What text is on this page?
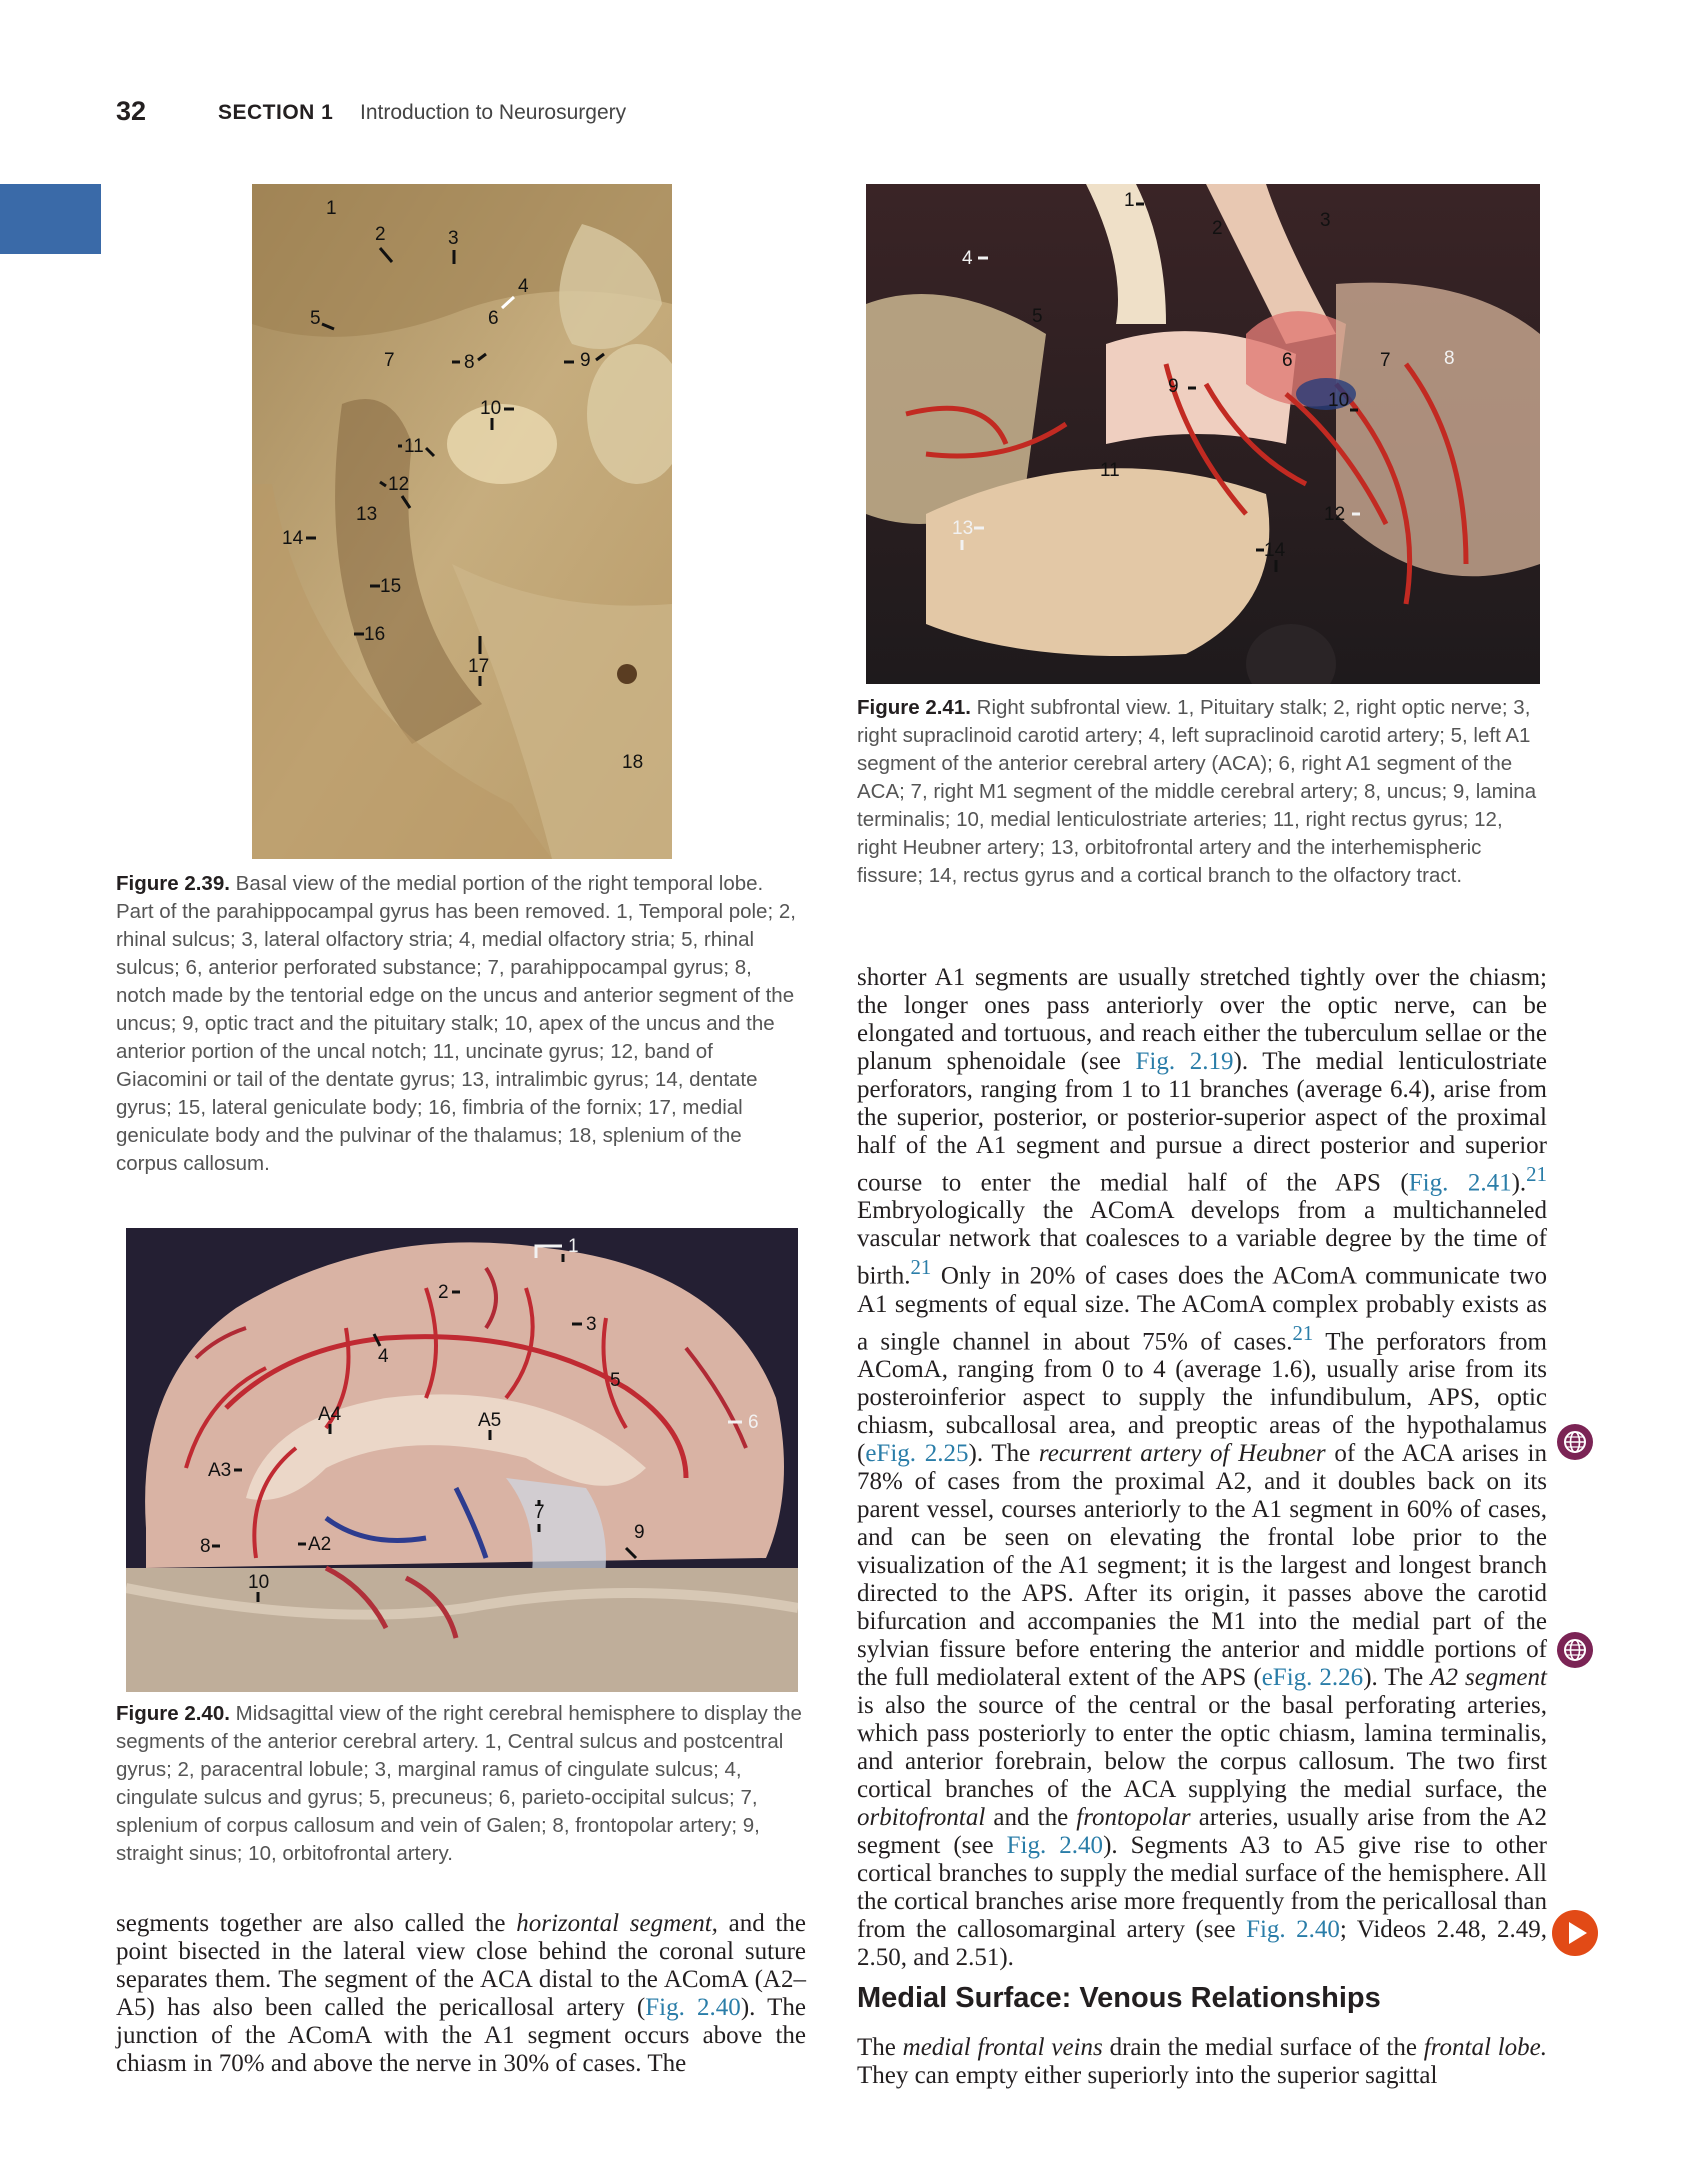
32	SECTION 1 Introduction to Neurosurgery
1
2	3
4
5	6
7	8	9
10
11
12
13
14
15
16
17
18
Figure 2.39. Basal view of the medial portion of the right temporal lobe. Part of the parahippocampal gyrus has been removed. 1, Temporal pole; 2, rhinal sulcus; 3, lateral olfactory stria; 4, medial olfactory stria; 5, rhinal sulcus; 6, anterior perforated substance; 7, parahippocampal gyrus; 8, notch made by the tentorial edge on the uncus and anterior segment of the uncus; 9, optic tract and the pituitary stalk; 10, apex of the uncus and the anterior portion of the uncal notch; 11, uncinate gyrus; 12, band of Giacomini or tail of the dentate gyrus; 13, intralimbic gyrus; 14, dentate gyrus; 15, lateral geniculate body; 16, fimbria of the fornix; 17, medial geniculate body and the pulvinar of the thalamus; 18, splenium of the corpus callosum.
1
2	3
4
5
6	7	8
9
10
11
12
13
14
Figure 2.41. Right subfrontal view. 1, Pituitary stalk; 2, right optic nerve; 3, right supraclinoid carotid artery; 4, left supraclinoid carotid artery; 5, left A1 segment of the anterior cerebral artery (ACA); 6, right A1 segment of the ACA; 7, right M1 segment of the middle cerebral artery; 8, uncus; 9, lamina terminalis; 10, medial lenticulostriate arteries; 11, right rectus gyrus; 12, right Heubner artery; 13, orbitofrontal artery and the interhemispheric fissure; 14, rectus gyrus and a cortical branch to the olfactory tract.
1
2
3
4
5
6
7
8
9
10
A2
A3
A4	A5
Figure 2.40. Midsagittal view of the right cerebral hemisphere to display the segments of the anterior cerebral artery. 1, Central sulcus and postcentral gyrus; 2, paracentral lobule; 3, marginal ramus of cingulate sulcus; 4, cingulate sulcus and gyrus; 5, precuneus; 6, parieto-occipital sulcus; 7, splenium of corpus callosum and vein of Galen; 8, frontopolar artery; 9, straight sinus; 10, orbitofrontal artery.

segments together are also called the horizontal segment, and the point bisected in the lateral view close behind the coronal suture separates them. The segment of the ACA distal to the AComA (A2–A5) has also been called the pericallosal artery (Fig. 2.40). The junction of the AComA with the A1 segment occurs above the chiasm in 70% and above the nerve in 30% of cases. The

shorter A1 segments are usually stretched tightly over the chiasm; the longer ones pass anteriorly over the optic nerve, can be elongated and tortuous, and reach either the tuberculum sellae or the planum sphenoidale (see Fig. 2.19). The medial lenticulostriate perforators, ranging from 1 to 11 branches (average 6.4), arise from the superior, posterior, or posterior-superior aspect of the proximal half of the A1 segment and pursue a direct posterior and superior course to enter the medial half of the APS (Fig. 2.41).$^{21}$ Embryologically the AComA develops from a multichanneled vascular network that coalesces to a variable degree by the time of birth.$^{21}$ Only in 20% of cases does the AComA communicate two A1 segments of equal size. The AComA complex probably exists as a single channel in about 75% of cases.$^{21}$ The perforators from AComA, ranging from 0 to 4 (average 1.6), usually arise from its posteroinferior aspect to supply the infundibulum, APS, optic chiasm, subcallosal area, and preoptic areas of the hypothalamus (eFig. 2.25). The recurrent artery of Heubner of the ACA arises in 78% of cases from the proximal A2, and it doubles back on its parent vessel, courses anteriorly to the A1 segment in 60% of cases, and can be seen on elevating the frontal lobe prior to the visualization of the A1 segment; it is the largest and longest branch directed to the APS. After its origin, it passes above the carotid bifurcation and accompanies the M1 into the medial part of the sylvian fissure before entering the anterior and middle portions of the full mediolateral extent of the APS (eFig. 2.26). The A2 segment is also the source of the central or the basal perforating arteries, which pass posteriorly to enter the optic chiasm, lamina terminalis, and anterior forebrain, below the corpus callosum. The two first cortical branches of the ACA supplying the medial surface, the orbitofrontal and the frontopolar arteries, usually arise from the A2 segment (see Fig. 2.40). Segments A3 to A5 give rise to other cortical branches to supply the medial surface of the hemisphere. All the cortical branches arise more frequently from the pericallosal than from the callosomarginal artery (see Fig. 2.40; Videos 2.48, 2.49, 2.50, and 2.51).

Medial Surface: Venous Relationships

The medial frontal veins drain the medial surface of the frontal lobe. They can empty either superiorly into the superior sagittal
